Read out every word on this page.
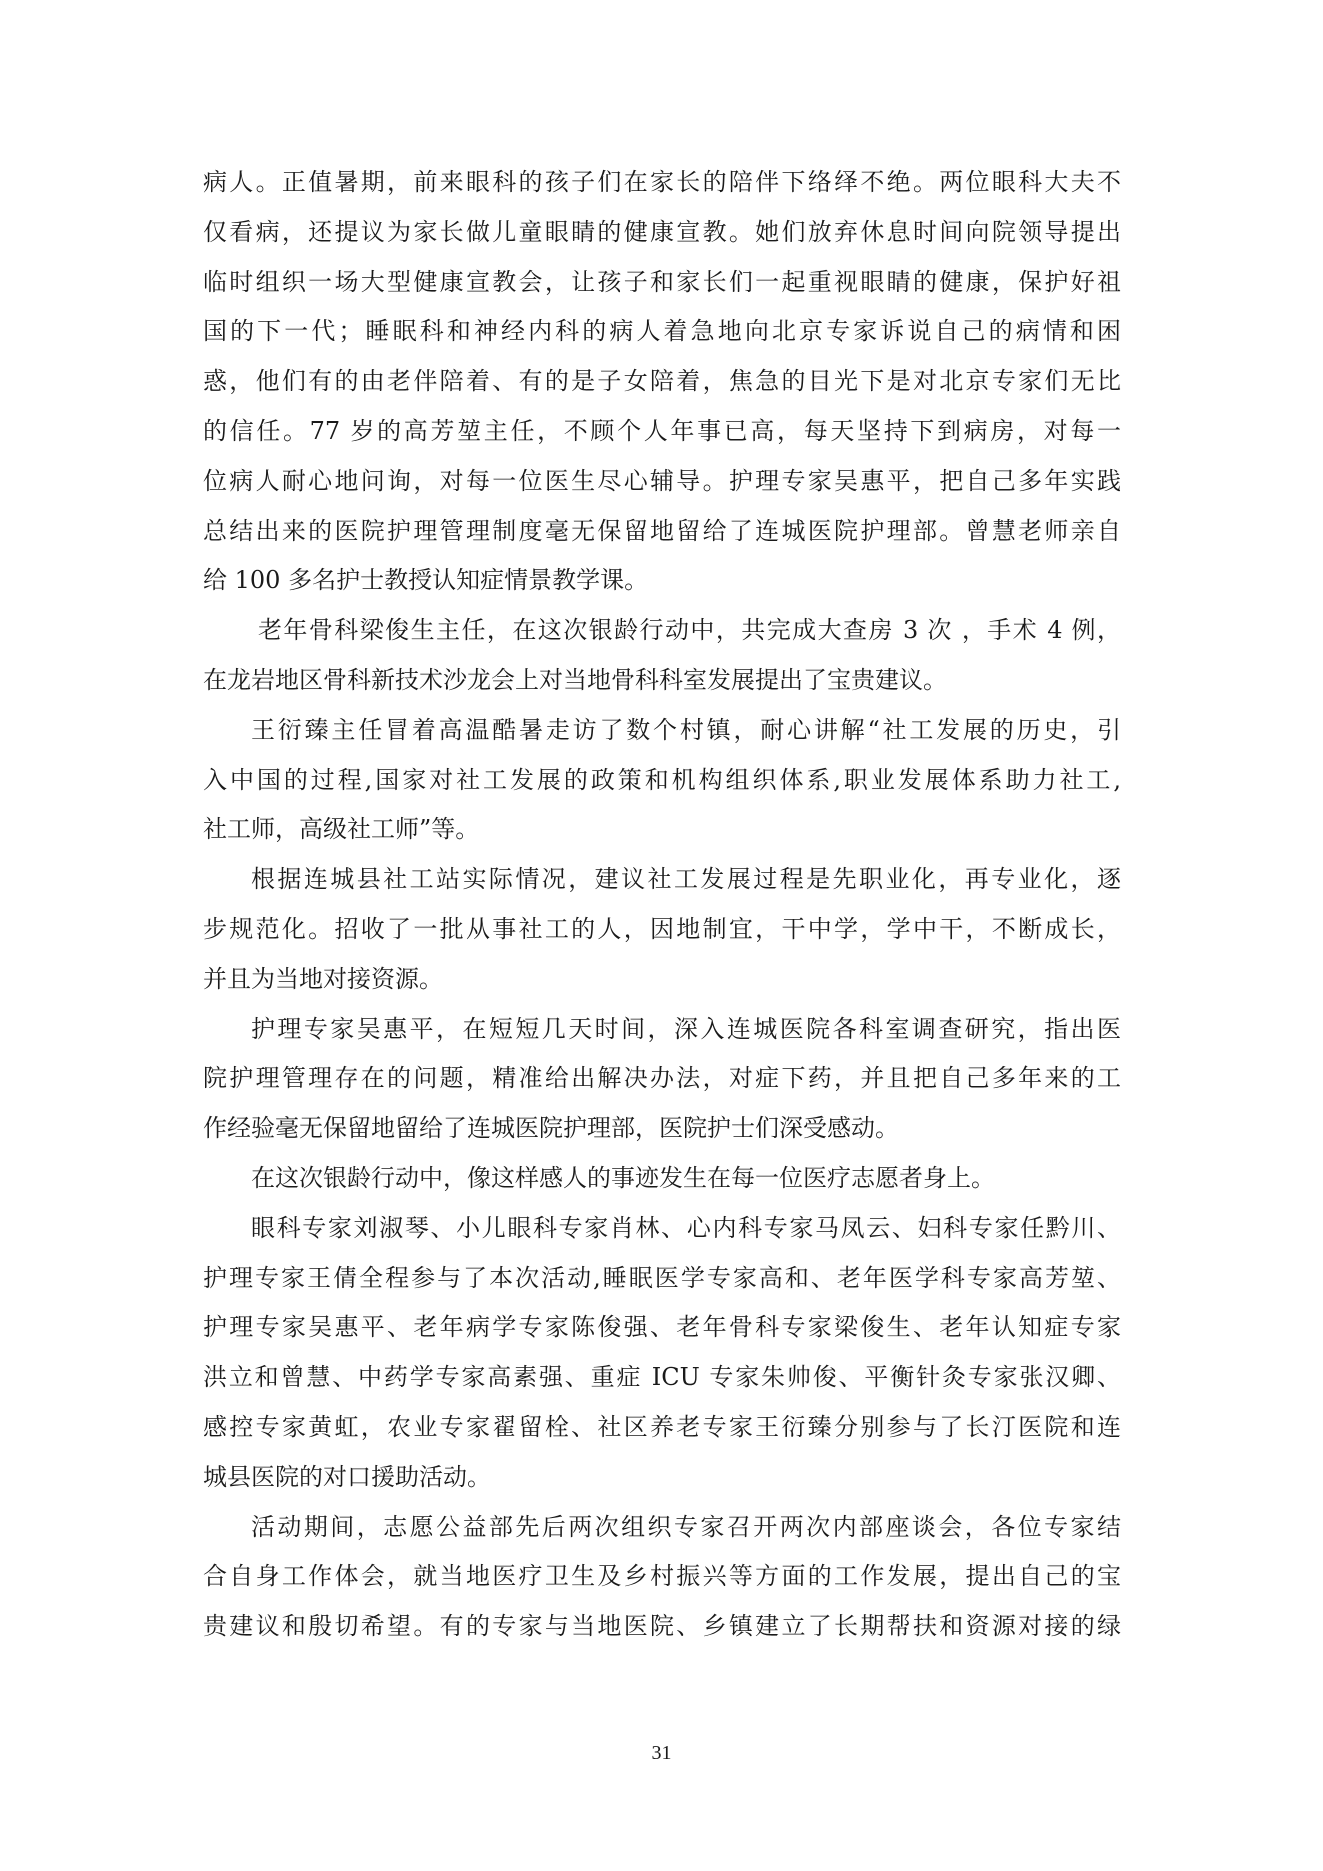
病人。正值暑期，前来眼科的孩子们在家长的陪伴下络绎不绝。两位眼科大夫不
仅看病，还提议为家长做儿童眼睛的健康宣教。她们放弃休息时间向院领导提出
临时组织一场大型健康宣教会，让孩子和家长们一起重视眼睛的健康，保护好祖
国的下一代；睡眠科和神经内科的病人着急地向北京专家诉说自己的病情和困
惑，他们有的由老伴陪着、有的是子女陪着，焦急的目光下是对北京专家们无比
的信任。77 岁的高芳堃主任，不顾个人年事已高，每天坚持下到病房，对每一
位病人耐心地问询，对每一位医生尽心辅导。护理专家吴惠平，把自己多年实践
总结出来的医院护理管理制度毫无保留地留给了连城医院护理部。曾慧老师亲自
给 100 多名护士教授认知症情景教学课。
老年骨科梁俊生主任，在这次银龄行动中，共完成大查房 3 次 ，手术 4 例，
在龙岩地区骨科新技术沙龙会上对当地骨科科室发展提出了宝贵建议。
王衍臻主任冒着高温酷暑走访了数个村镇，耐心讲解“社工发展的历史，引
入中国的过程,国家对社工发展的政策和机构组织体系,职业发展体系助力社工,
社工师，高级社工师”等。
根据连城县社工站实际情况，建议社工发展过程是先职业化，再专业化，逐
步规范化。招收了一批从事社工的人，因地制宜，干中学，学中干，不断成长，
并且为当地对接资源。
护理专家吴惠平，在短短几天时间，深入连城医院各科室调查研究，指出医
院护理管理存在的问题，精准给出解决办法，对症下药，并且把自己多年来的工
作经验毫无保留地留给了连城医院护理部，医院护士们深受感动。
在这次银龄行动中，像这样感人的事迹发生在每一位医疗志愿者身上。
眼科专家刘淑琴、小儿眼科专家肖林、心内科专家马凤云、妇科专家任黔川、
护理专家王倩全程参与了本次活动,睡眠医学专家高和、老年医学科专家高芳堃、
护理专家吴惠平、老年病学专家陈俊强、老年骨科专家梁俊生、老年认知症专家
洪立和曾慧、中药学专家高素强、重症 ICU 专家朱帅俊、平衡针灸专家张汉卿、
感控专家黄虹，农业专家翟留栓、社区养老专家王衍臻分别参与了长汀医院和连
城县医院的对口援助活动。
活动期间，志愿公益部先后两次组织专家召开两次内部座谈会，各位专家结
合自身工作体会，就当地医疗卫生及乡村振兴等方面的工作发展，提出自己的宝
贵建议和殷切希望。有的专家与当地医院、乡镇建立了长期帮扶和资源对接的绿
31
